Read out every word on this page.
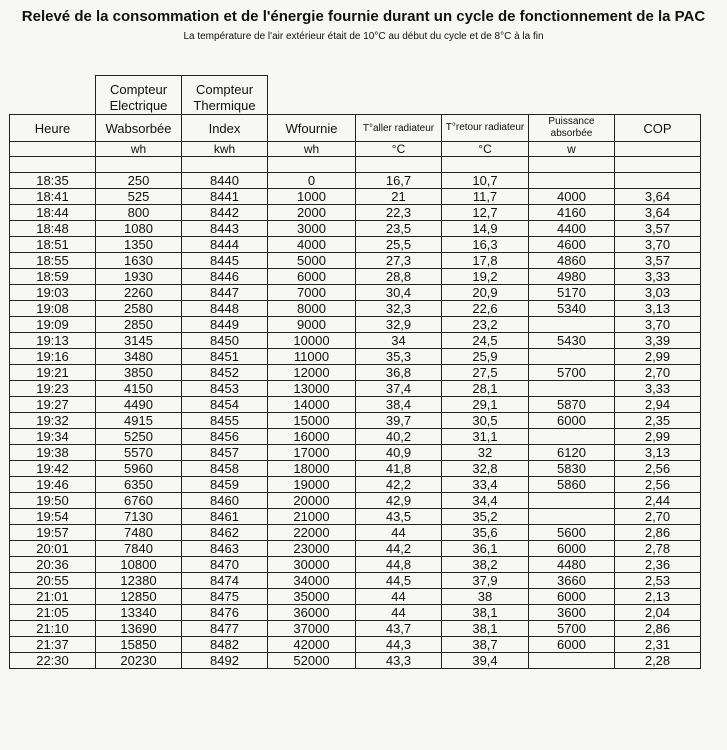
Relevé de la consommation et de l'énergie fournie durant un cycle de fonctionnement de la PAC
La température de l'air extérieur était de 10°C au début du cycle et de 8°C à la fin
	Compteur Electrique	Compteur Thermique					
Heure	Wabsorbée	Index	Wfournie	T°aller radiateur	T°retour radiateur	Puissance absorbée	COP
	wh	kwh	wh	°C	°C	w	

18:35	250	8440	0	16,7	10,7		
18:41	525	8441	1000	21	11,7	4000	3,64
18:44	800	8442	2000	22,3	12,7	4160	3,64
18:48	1080	8443	3000	23,5	14,9	4400	3,57
18:51	1350	8444	4000	25,5	16,3	4600	3,70
18:55	1630	8445	5000	27,3	17,8	4860	3,57
18:59	1930	8446	6000	28,8	19,2	4980	3,33
19:03	2260	8447	7000	30,4	20,9	5170	3,03
19:08	2580	8448	8000	32,3	22,6	5340	3,13
19:09	2850	8449	9000	32,9	23,2		3,70
19:13	3145	8450	10000	34	24,5	5430	3,39
19:16	3480	8451	11000	35,3	25,9		2,99
19:21	3850	8452	12000	36,8	27,5	5700	2,70
19:23	4150	8453	13000	37,4	28,1		3,33
19:27	4490	8454	14000	38,4	29,1	5870	2,94
19:32	4915	8455	15000	39,7	30,5	6000	2,35
19:34	5250	8456	16000	40,2	31,1		2,99
19:38	5570	8457	17000	40,9	32	6120	3,13
19:42	5960	8458	18000	41,8	32,8	5830	2,56
19:46	6350	8459	19000	42,2	33,4	5860	2,56
19:50	6760	8460	20000	42,9	34,4		2,44
19:54	7130	8461	21000	43,5	35,2		2,70
19:57	7480	8462	22000	44	35,6	5600	2,86
20:01	7840	8463	23000	44,2	36,1	6000	2,78
20:36	10800	8470	30000	44,8	38,2	4480	2,36
20:55	12380	8474	34000	44,5	37,9	3660	2,53
21:01	12850	8475	35000	44	38	6000	2,13
21:05	13340	8476	36000	44	38,1	3600	2,04
21:10	13690	8477	37000	43,7	38,1	5700	2,86
21:37	15850	8482	42000	44,3	38,7	6000	2,31
22:30	20230	8492	52000	43,3	39,4		2,28
